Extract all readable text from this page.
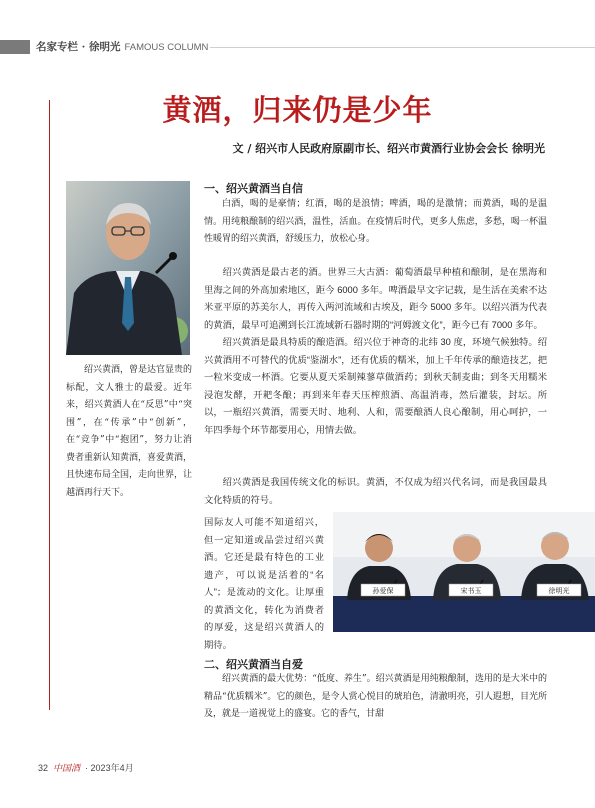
名家专栏 · 徐明光 FAMOUS COLUMN
黄酒，归来仍是少年
文 / 绍兴市人民政府原副市长、绍兴市黄酒行业协会会长 徐明光
绍兴黄酒，曾是达官显贵的标配，文人雅士的最爱。近年来，绍兴黄酒人在“反思”中“突围”，在“传承”中“创新”，在“竞争”中“抱团”，努力让消费者重新认知黄酒，喜爱黄酒，且快速布局全国，走向世界，让越酒再行天下。
一、绍兴黄酒当自信

白酒，喝的是豪情；红酒，喝的是浪情；啤酒，喝的是激情；而黄酒，喝的是温情。用纯粮酿制的绍兴酒，温性，活血。在疫情后时代，更多人焦虑，多愁，喝一杯温性暖胃的绍兴黄酒，舒缓压力，放松心身。

绍兴黄酒是最古老的酒。世界三大古酒：葡萄酒最早种植和酿制，是在黑海和里海之间的外高加索地区，距今 6000 多年。啤酒最早文字记载，是生活在美索不达米亚平原的苏美尔人，再传入两河流域和古埃及，距今 5000 多年。以绍兴酒为代表的黄酒，最早可追溯到长江流域新石器时期的“河姆渡文化”，距今已有 7000 多年。

绍兴黄酒是最具特质的酿造酒。绍兴位于神奇的北纬 30 度，环境气候独特。绍兴黄酒用不可替代的优质“鉴湖水”，还有优质的糯米，加上千年传承的酿造技艺，把一粒米变成一杯酒。它要从夏天采制辣蓼草做酒药；到秋天制麦曲；到冬天用糯米浸泡发酵，开耙冬酿；再到来年春天压榨煎酒、高温消毒，然后灌装，封坛。所以，一瓶绍兴黄酒，需要天时、地利、人和，需要酿酒人良心酿制，用心呵护，一年四季每个环节都要用心，用情去做。

绍兴黄酒是我国传统文化的标识。黄酒，不仅成为绍兴代名词，而是我国最具文化特质的符号。

国际友人可能不知道绍兴，但一定知道或品尝过绍兴黄酒。它还是最有特色的工业遗产，可以说是活着的“名人”；是流动的文化。让厚重的黄酒文化，转化为消费者的厚爱，这是绍兴黄酒人的期待。

孙爱保	宋书玉	徐明光
二、绍兴黄酒当自爱

绍兴黄酒的最大优势：“低度、养生”。绍兴黄酒是用纯粮酿制，选用的是大米中的精品“优质糯米”。它的颜色，是令人赏心悦目的琥珀色，清澈明亮，引人遐想，目光所及，就是一道视觉上的盛宴。它的香气，甘甜

32 中国酒  · 2023年4月
